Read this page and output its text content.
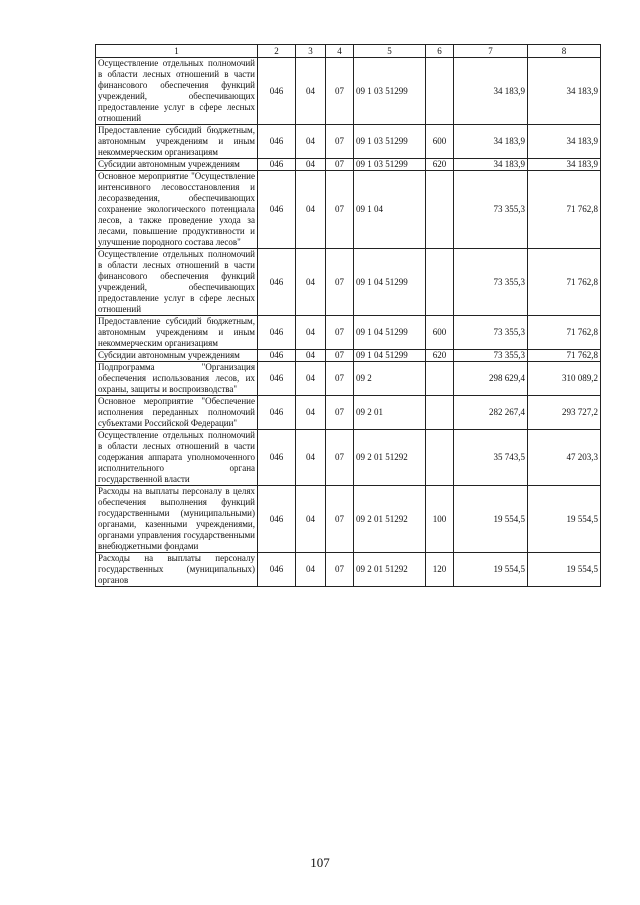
1	2	3	4	5	6	7	8
Осуществление отдельных полномочий в области лесных отношений в части финансового обеспечения функций учреждений, обеспечивающих предоставление услуг в сфере лесных отношений	046	04	07	09 1 03 51299		34 183,9	34 183,9
Предоставление субсидий бюджетным, автономным учреждениям и иным некоммерческим организациям	046	04	07	09 1 03 51299	600	34 183,9	34 183,9
Субсидии автономным учреждениям	046	04	07	09 1 03 51299	620	34 183,9	34 183,9
Основное мероприятие "Осуществление интенсивного лесовосстановления и лесоразведения, обеспечивающих сохранение экологического потенциала лесов, а также проведение ухода за лесами, повышение продуктивности и улучшение породного состава лесов"	046	04	07	09 1 04		73 355,3	71 762,8
Осуществление отдельных полномочий в области лесных отношений в части финансового обеспечения функций учреждений, обеспечивающих предоставление услуг в сфере лесных отношений	046	04	07	09 1 04 51299		73 355,3	71 762,8
Предоставление субсидий бюджетным, автономным учреждениям и иным некоммерческим организациям	046	04	07	09 1 04 51299	600	73 355,3	71 762,8
Субсидии автономным учреждениям	046	04	07	09 1 04 51299	620	73 355,3	71 762,8
Подпрограмма "Организация обеспечения использования лесов, их охраны, защиты и воспроизводства"	046	04	07	09 2		298 629,4	310 089,2
Основное мероприятие "Обеспечение исполнения переданных полномочий субъектами Российской Федерации"	046	04	07	09 2 01		282 267,4	293 727,2
Осуществление отдельных полномочий в области лесных отношений в части содержания аппарата уполномоченного исполнительного органа государственной власти	046	04	07	09 2 01 51292		35 743,5	47 203,3
Расходы на выплаты персоналу в целях обеспечения выполнения функций государственными (муниципальными) органами, казенными учреждениями, органами управления государственными внебюджетными фондами	046	04	07	09 2 01 51292	100	19 554,5	19 554,5
Расходы на выплаты персоналу государственных (муниципальных) органов	046	04	07	09 2 01 51292	120	19 554,5	19 554,5
107
